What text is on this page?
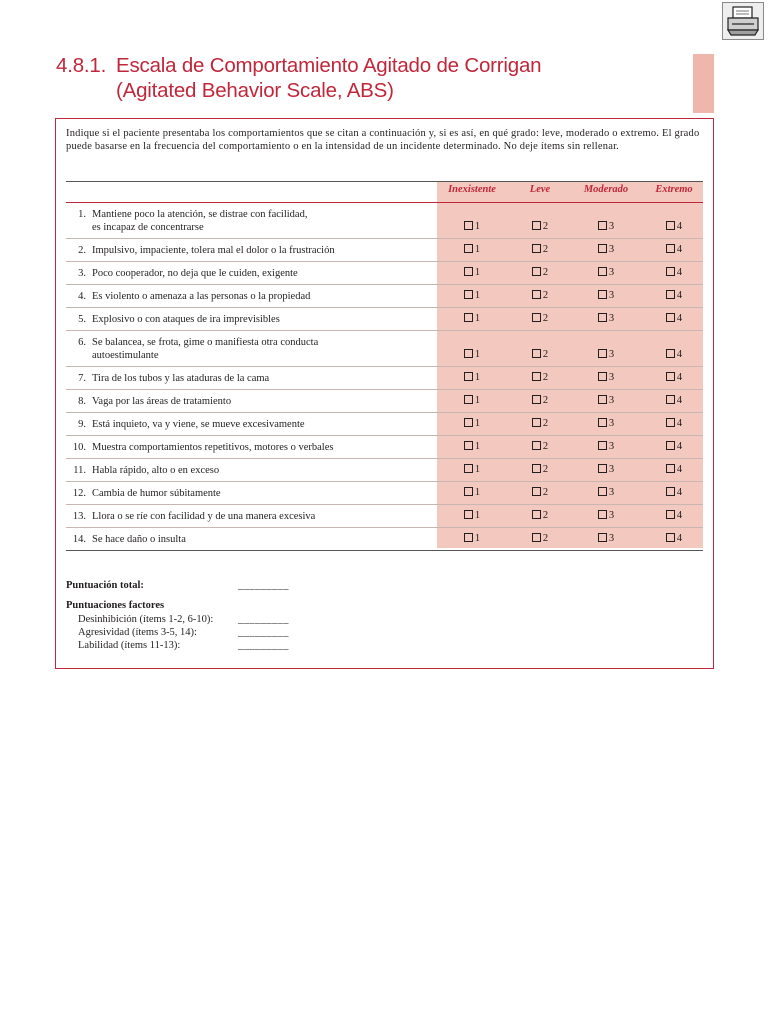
4.8.1. Escala de Comportamiento Agitado de Corrigan
(Agitated Behavior Scale, ABS)

Indique si el paciente presentaba los comportamientos que se citan a continuación y, si es así, en qué grado: leve, moderado o extremo. El grado puede basarse en la frecuencia del comportamiento o en la intensidad de un incidente determinado. No deje ítems sin rellenar.

Inexistente	Leve	Moderado	Extremo
1. Mantiene poco la atención, se distrae con facilidad,
es incapaz de concentrarse	1	2	3	4
2. Impulsivo, impaciente, tolera mal el dolor o la frustración	1	2	3	4
3. Poco cooperador, no deja que le cuiden, exigente	1	2	3	4
4. Es violento o amenaza a las personas o la propiedad	1	2	3	4
5. Explosivo o con ataques de ira imprevisibles	1	2	3	4
6. Se balancea, se frota, gime o manifiesta otra conducta
autoestimulante	1	2	3	4
7. Tira de los tubos y las ataduras de la cama	1	2	3	4
8. Vaga por las áreas de tratamiento	1	2	3	4
9. Está inquieto, va y viene, se mueve excesivamente	1	2	3	4
10. Muestra comportamientos repetitivos, motores o verbales	1	2	3	4
11. Habla rápido, alto o en exceso	1	2	3	4
12. Cambia de humor súbitamente	1	2	3	4
13. Llora o se ríe con facilidad y de una manera excesiva	1	2	3	4
14. Se hace daño o insulta	1	2	3	4
Puntuación total:	_________
Puntuaciones factores
Desinhibición (ítems 1-2, 6-10): _________
Agresividad (ítems 3-5, 14):	_________
Labilidad (ítems 11-13):	_________
